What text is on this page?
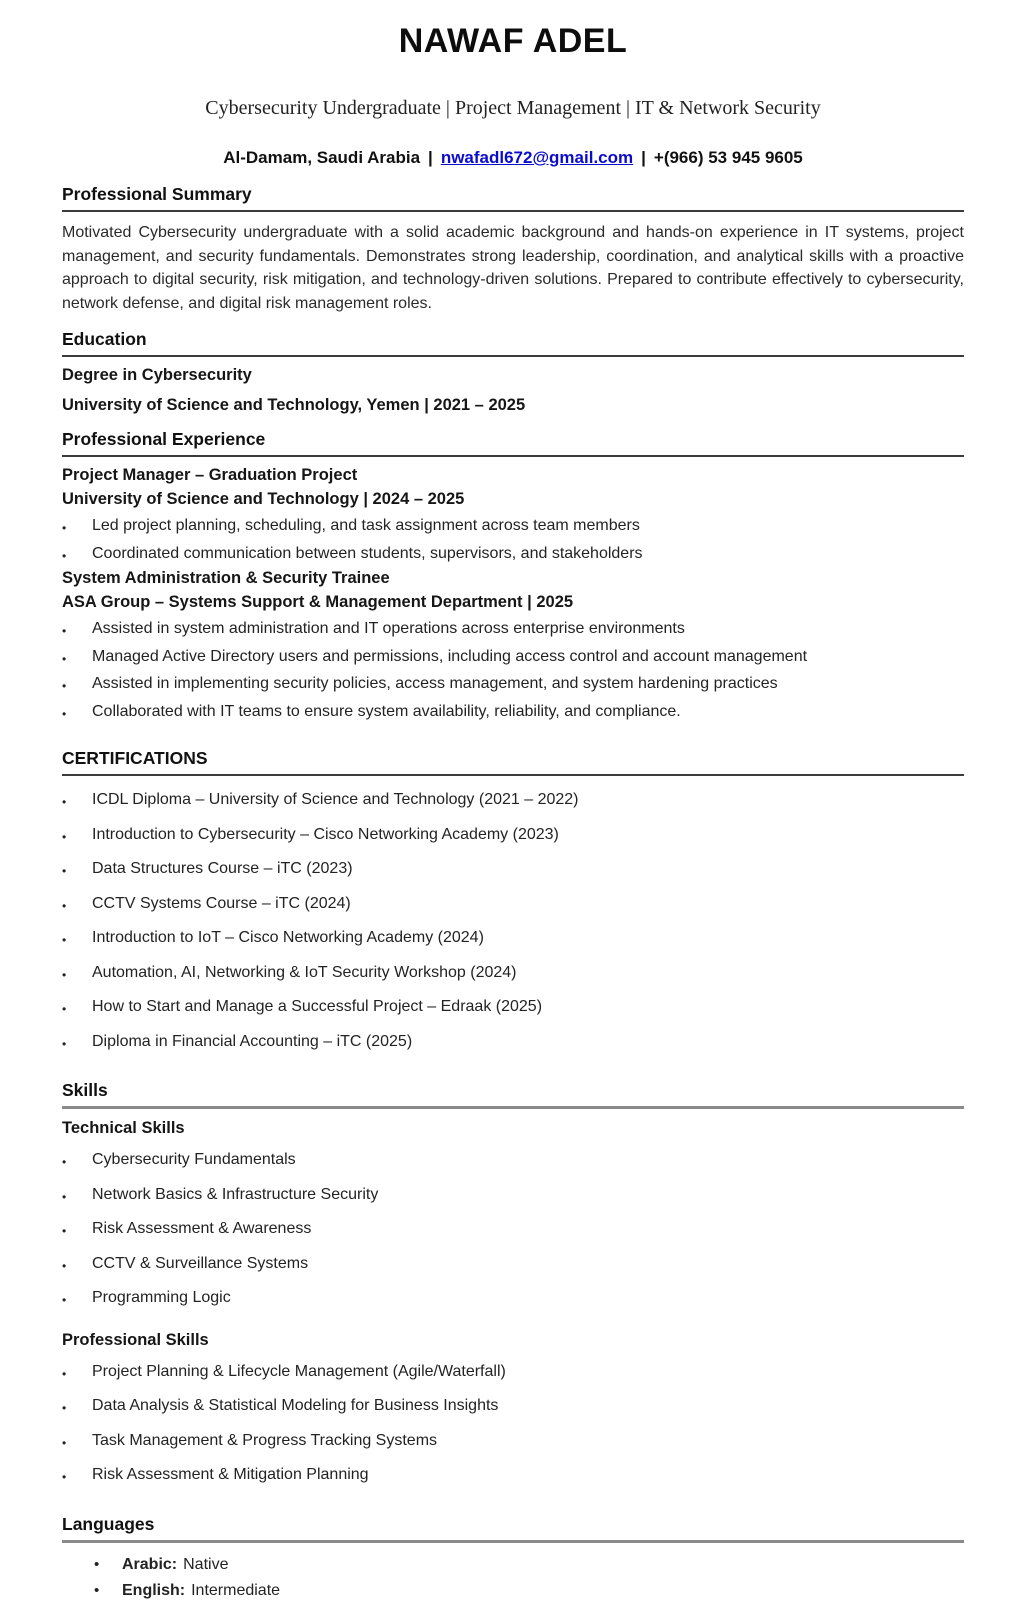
NAWAF ADEL
Cybersecurity Undergraduate | Project Management | IT & Network Security
Al-Damam, Saudi Arabia | nwafadl672@gmail.com | +(966) 53 945 9605
Professional Summary

Motivated Cybersecurity undergraduate with a solid academic background and hands-on experience in IT systems, project management, and security fundamentals. Demonstrates strong leadership, coordination, and analytical skills with a proactive approach to digital security, risk mitigation, and technology-driven solutions. Prepared to contribute effectively to cybersecurity, network defense, and digital risk management roles.

Education
Degree in Cybersecurity
University of Science and Technology, Yemen | 2021 – 2025
Professional Experience
Project Manager – Graduation Project
University of Science and Technology | 2024 – 2025
•	Led project planning, scheduling, and task assignment across team members
•	Coordinated communication between students, supervisors, and stakeholders
System Administration & Security Trainee
ASA Group – Systems Support & Management Department | 2025
•	Assisted in system administration and IT operations across enterprise environments
•	Managed Active Directory users and permissions, including access control and account management
•	Assisted in implementing security policies, access management, and system hardening practices
•	Collaborated with IT teams to ensure system availability, reliability, and compliance.
CERTIFICATIONS
•	ICDL Diploma – University of Science and Technology (2021 – 2022)
•	Introduction to Cybersecurity – Cisco Networking Academy (2023)
•	Data Structures Course – iTC (2023)
•	CCTV Systems Course – iTC (2024)
•	Introduction to IoT – Cisco Networking Academy (2024)
•	Automation, AI, Networking & IoT Security Workshop (2024)
•	How to Start and Manage a Successful Project – Edraak (2025)
•	Diploma in Financial Accounting – iTC (2025)
Skills
Technical Skills
•	Cybersecurity Fundamentals
•	Network Basics & Infrastructure Security
•	Risk Assessment & Awareness
•	CCTV & Surveillance Systems
•	Programming Logic
Professional Skills
•	Project Planning & Lifecycle Management (Agile/Waterfall)
•	Data Analysis & Statistical Modeling for Business Insights
•	Task Management & Progress Tracking Systems
•	Risk Assessment & Mitigation Planning
Languages
•	Arabic: Native
•	English: Intermediate
